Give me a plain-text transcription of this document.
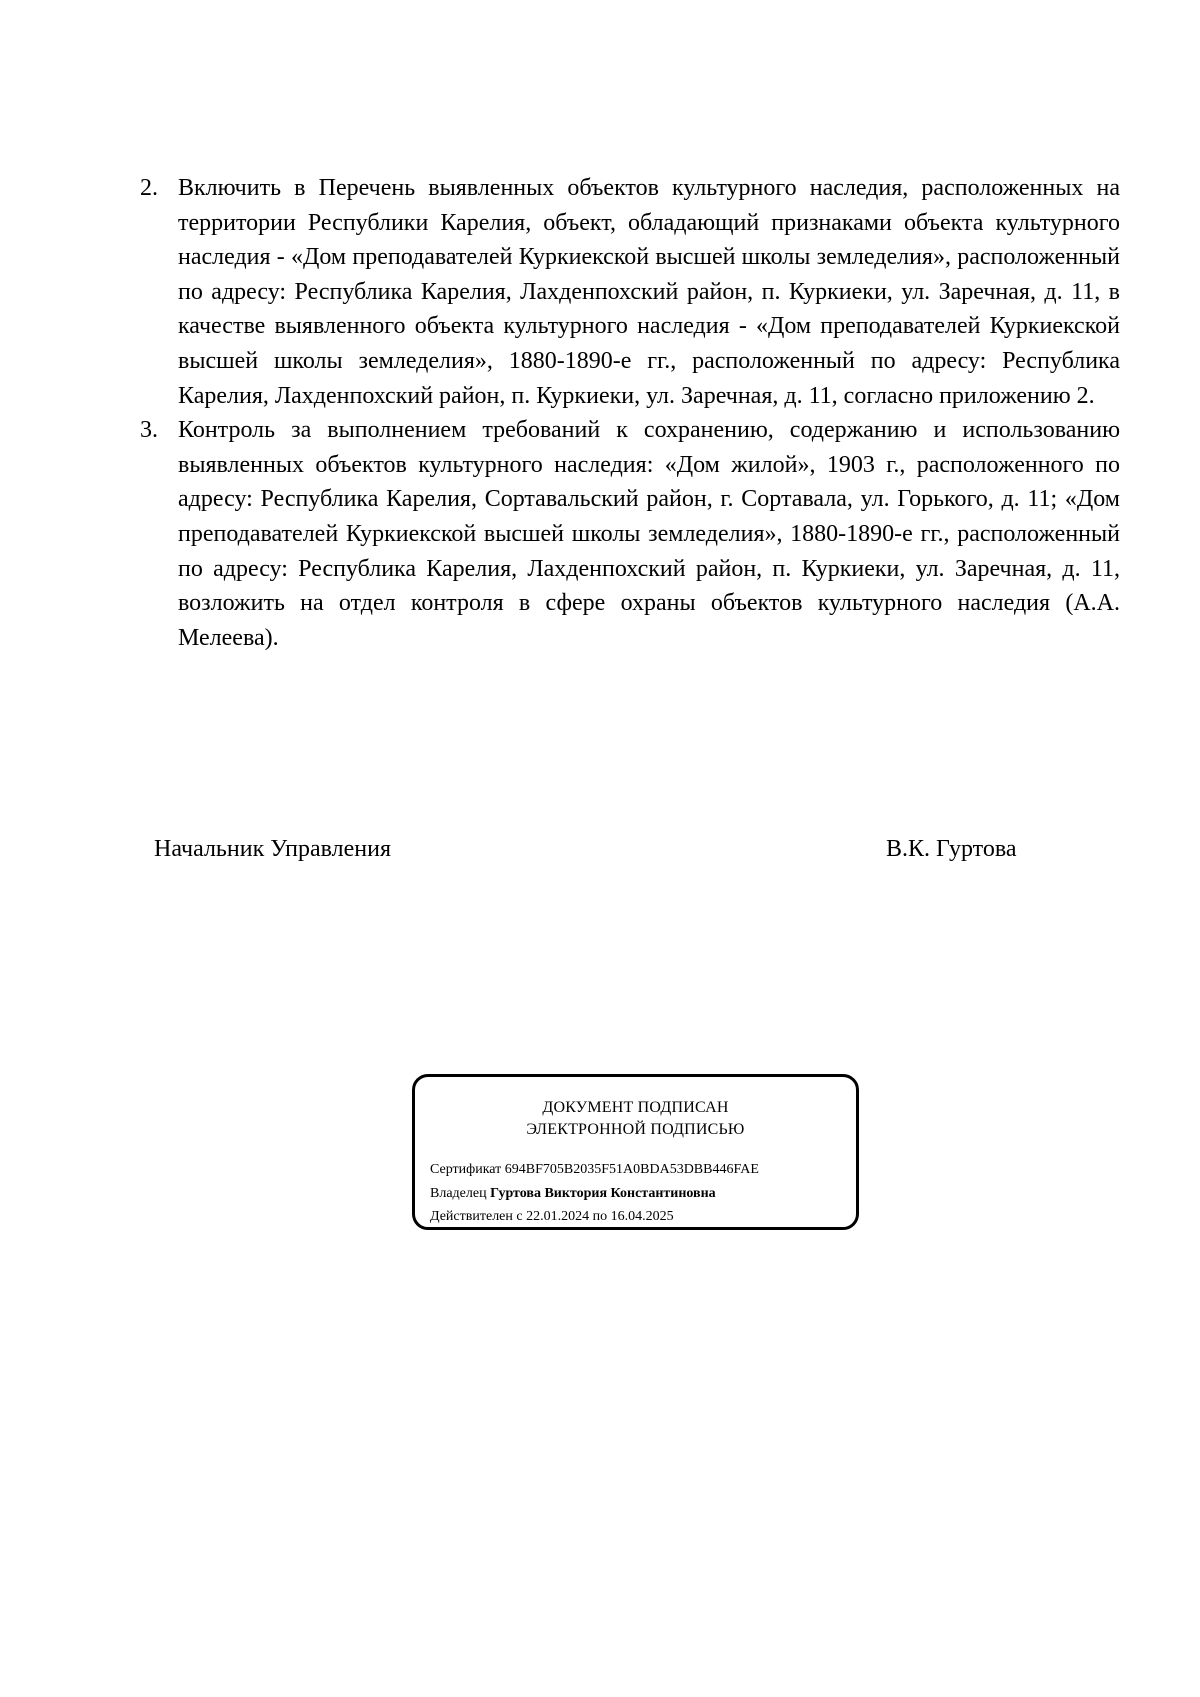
2. Включить в Перечень выявленных объектов культурного наследия, расположенных на территории Республики Карелия, объект, обладающий признаками объекта культурного наследия - «Дом преподавателей Куркиекской высшей школы земледелия», расположенный по адресу: Республика Карелия, Лахденпохский район, п. Куркиеки, ул. Заречная, д. 11, в качестве выявленного объекта культурного наследия - «Дом преподавателей Куркиекской высшей школы земледелия», 1880-1890-е гг., расположенный по адресу: Республика Карелия, Лахденпохский район, п. Куркиеки, ул. Заречная, д. 11, согласно приложению 2.
3. Контроль за выполнением требований к сохранению, содержанию и использованию выявленных объектов культурного наследия: «Дом жилой», 1903 г., расположенного по адресу: Республика Карелия, Сортавальский район, г. Сортавала, ул. Горького, д. 11; «Дом преподавателей Куркиекской высшей школы земледелия», 1880-1890-е гг., расположенный по адресу: Республика Карелия, Лахденпохский район, п. Куркиеки, ул. Заречная, д. 11, возложить на отдел контроля в сфере охраны объектов культурного наследия (А.А. Мелеева).
Начальник Управления	В.К. Гуртова
ДОКУМЕНТ ПОДПИСАН
ЭЛЕКТРОННОЙ ПОДПИСЬЮ
Сертификат 694BF705B2035F51A0BDA53DBB446FAE
Владелец Гуртова Виктория Константиновна
Действителен с 22.01.2024 по 16.04.2025
